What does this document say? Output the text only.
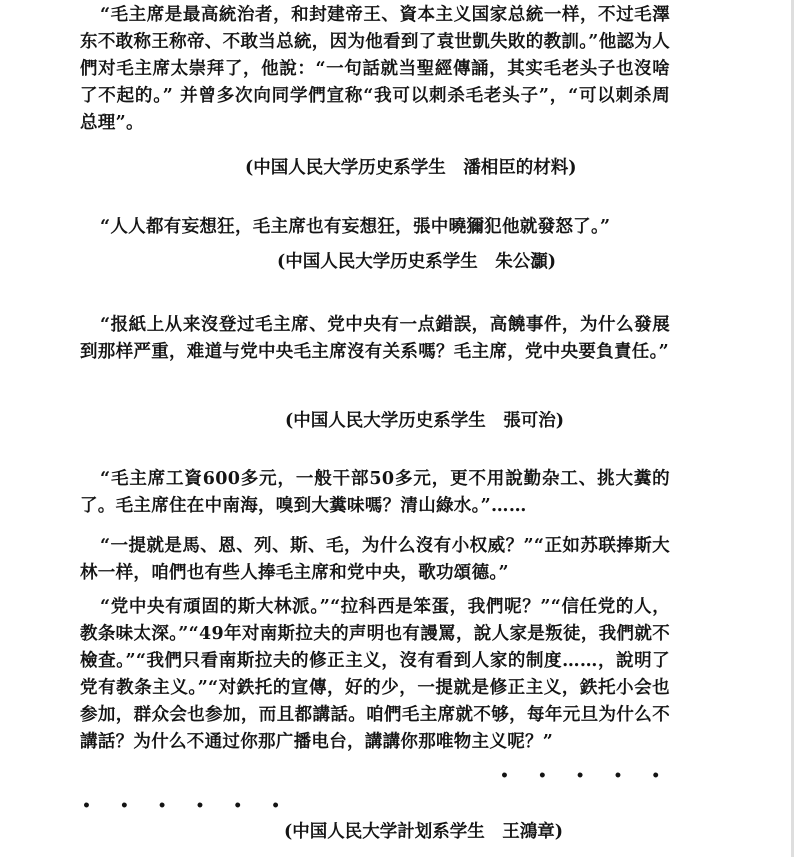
“毛主席是最高統治者，和封建帝王、資本主义国家总統一样，不过毛澤东不敢称王称帝、不敢当总統，因为他看到了袁世凱失敗的教訓。”他認为人們对毛主席太崇拜了，他說：“一句話就当聖經傳誦，其实毛老头子也沒啥了不起的。” 并曾多次向同学們宣称“我可以刺杀毛老头子”，“可以刺杀周总理”。
(中国人民大学历史系学生　潘相臣的材料)
“人人都有妄想狂，毛主席也有妄想狂，張中曉獮犯他就發怒了。”
(中国人民大学历史系学生　朱公灝)
“报紙上从来沒登过毛主席、党中央有一点錯誤，高饒事件，为什么發展到那样严重，难道与党中央毛主席沒有关系嗎？毛主席，党中央要負責任。”
(中国人民大学历史系学生　張可治)
“毛主席工資600多元，一般干部50多元，更不用說勤杂工、挑大糞的了。毛主席住在中南海，嗅到大糞味嗎？清山綠水。”……
“一提就是馬、恩、列、斯、毛，为什么沒有小权威？”“正如苏联捧斯大林一样，咱們也有些人捧毛主席和党中央，歌功頌德。”
“党中央有頑固的斯大林派。”“拉科西是笨蛋，我們呢？”“信任党的人，教条味太深。”“49年对南斯拉夫的声明也有謾罵，說人家是叛徒，我們就不檢查。”“我們只看南斯拉夫的修正主义，沒有看到人家的制度……，說明了党有教条主义。”“对鉄托的宣傳，好的少，一提就是修正主义，鉄托小会也参加，群众会也参加，而且都講話。咱們毛主席就不够，每年元旦为什么不講話？为什么不通过你那广播电台，講講你那唯物主义呢？”
• • • • •
• • • • • •
(中国人民大学計划系学生　王鴻章)
